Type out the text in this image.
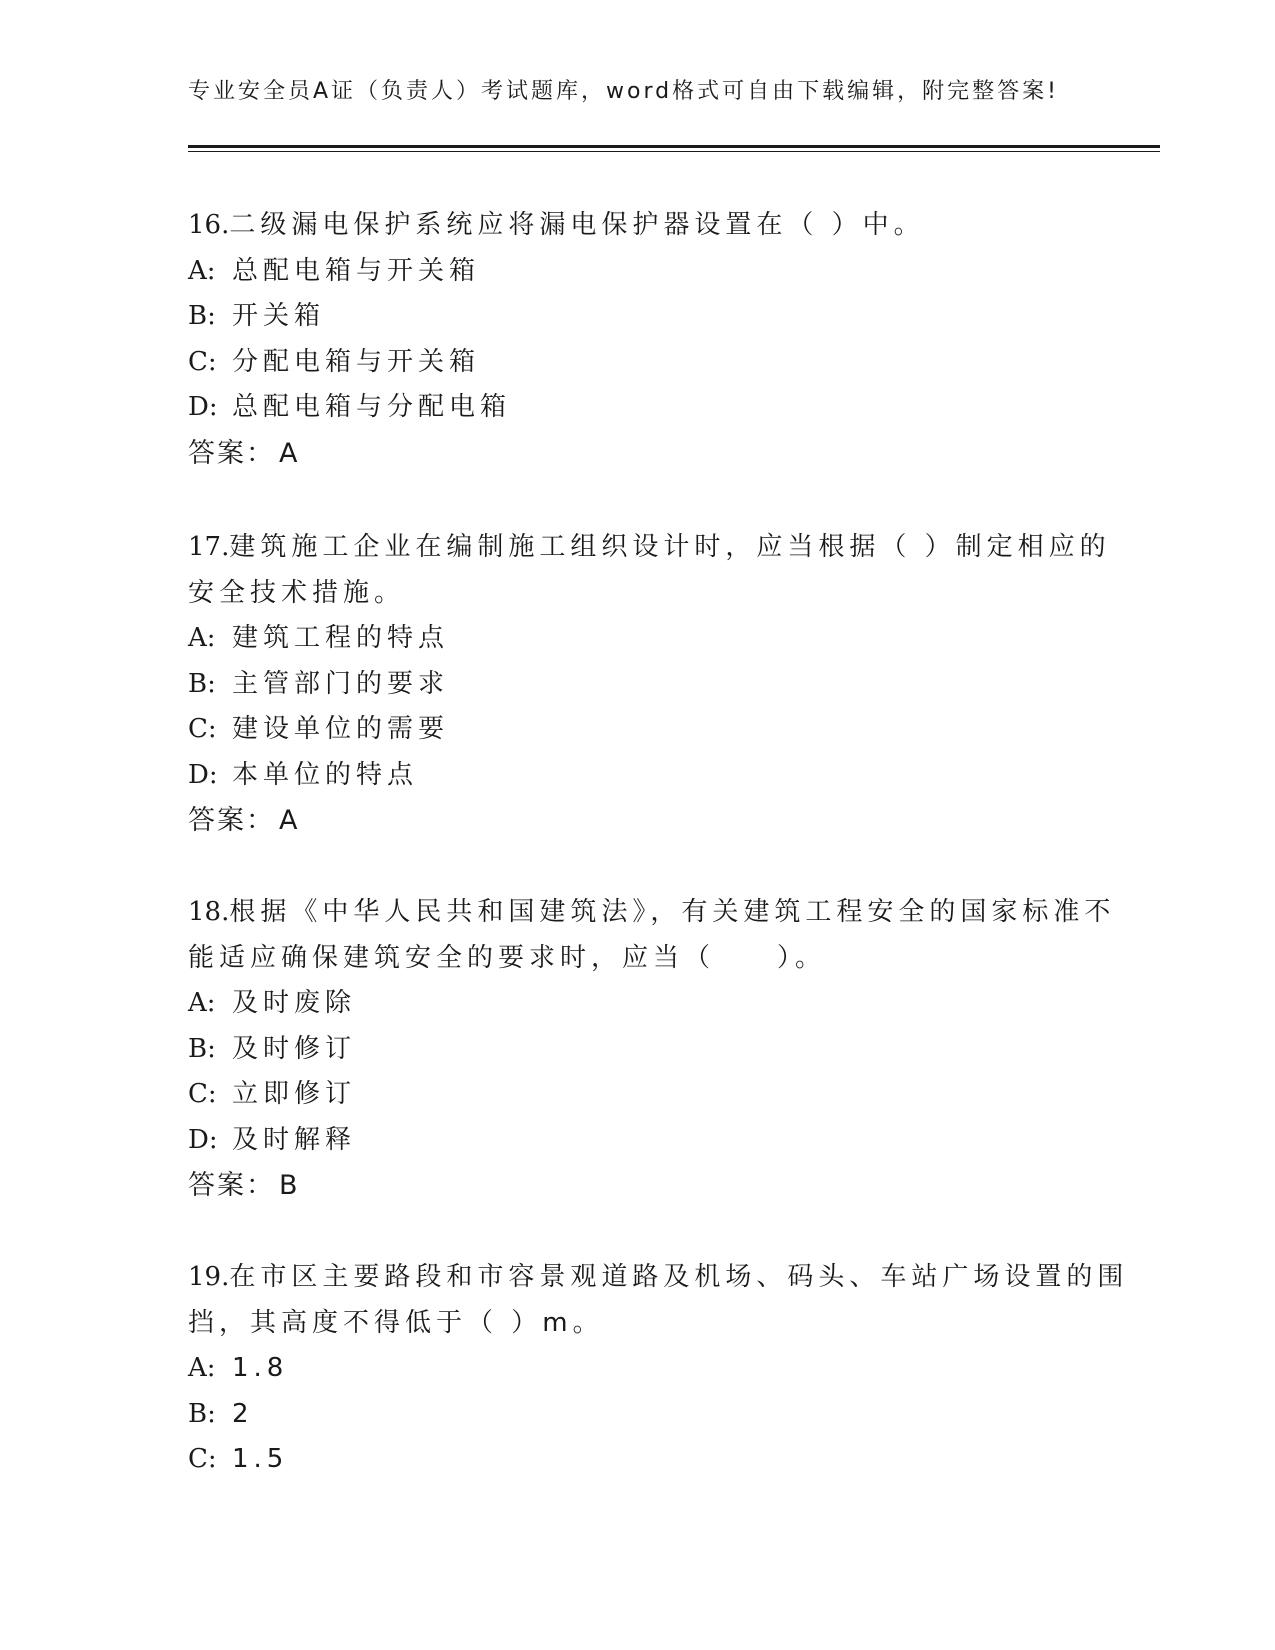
专业安全员A证（负责人）考试题库，word格式可自由下载编辑，附完整答案!
16.二级漏电保护系统应将漏电保护器设置在（ ）中。
A: 总配电箱与开关箱
B: 开关箱
C: 分配电箱与开关箱
D: 总配电箱与分配电箱
答案： A
17.建筑施工企业在编制施工组织设计时，应当根据（ ）制定相应的
安全技术措施。
A: 建筑工程的特点
B: 主管部门的要求
C: 建设单位的需要
D: 本单位的特点
答案： A
18.根据《中华人民共和国建筑法》，有关建筑工程安全的国家标准不
能适应确保建筑安全的要求时，应当（　　）。
A: 及时废除
B: 及时修订
C: 立即修订
D: 及时解释
答案： B
19.在市区主要路段和市容景观道路及机场、码头、车站广场设置的围
挡，其高度不得低于（ ）m。
A: 1.8
B: 2
C: 1.5
